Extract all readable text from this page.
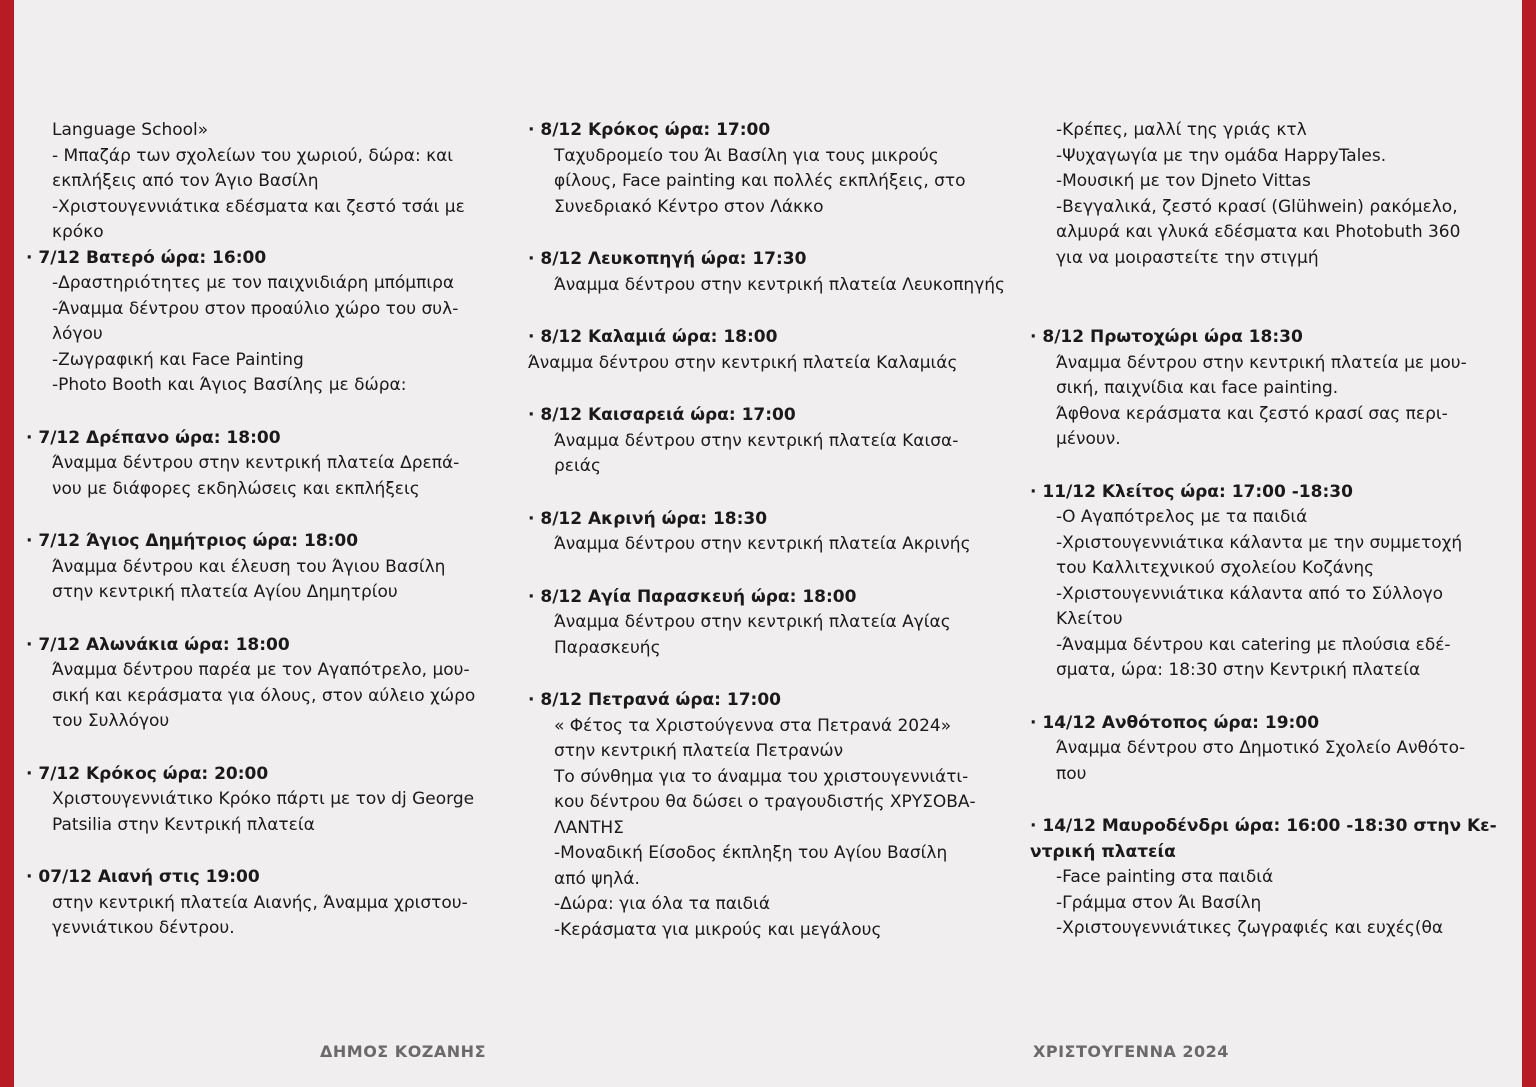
Language School»
- Μπαζάρ των σχολείων του χωριού, δώρα: και
εκπλήξεις από τον Άγιο Βασίλη
-Χριστουγεννιάτικα εδέσματα και ζεστό τσάι με
κρόκο
· 7/12 Βατερό ώρα: 16:00
-Δραστηριότητες με τον παιχνιδιάρη μπόμπιρα
-Άναμμα δέντρου στον προαύλιο χώρο του συλ-
λόγου
-Ζωγραφική και Face Painting
-Photo Booth και Άγιος Βασίλης με δώρα:
· 7/12 Δρέπανο ώρα: 18:00
Άναμμα δέντρου στην κεντρική πλατεία Δρεπά-
νου με διάφορες εκδηλώσεις και εκπλήξεις
· 7/12 Άγιος Δημήτριος ώρα: 18:00
Άναμμα δέντρου και έλευση του Άγιου Βασίλη
στην κεντρική πλατεία Αγίου Δημητρίου
· 7/12 Αλωνάκια ώρα: 18:00
Άναμμα δέντρου παρέα με τον Αγαπότρελο, μου-
σική και κεράσματα για όλους, στον αύλειο χώρο
του Συλλόγου
· 7/12 Κρόκος ώρα: 20:00
Χριστουγεννιάτικο Κρόκο πάρτι με τον dj George
Patsilia στην Κεντρική πλατεία
· 07/12 Αιανή στις 19:00
στην κεντρική πλατεία Αιανής, Άναμμα χριστου-
γεννιάτικου δέντρου.
· 8/12 Κρόκος ώρα: 17:00
Ταχυδρομείο του Άι Βασίλη για τους μικρούς
φίλους, Face painting και πολλές εκπλήξεις, στο
Συνεδριακό Κέντρο στον Λάκκο
· 8/12 Λευκοπηγή ώρα: 17:30
Άναμμα δέντρου στην κεντρική πλατεία Λευκοπηγής
· 8/12 Καλαμιά ώρα: 18:00
Άναμμα δέντρου στην κεντρική πλατεία Καλαμιάς
· 8/12 Καισαρειά ώρα: 17:00
Άναμμα δέντρου στην κεντρική πλατεία Καισα-
ρειάς
· 8/12 Ακρινή ώρα: 18:30
Άναμμα δέντρου στην κεντρική πλατεία Ακρινής
· 8/12 Αγία Παρασκευή ώρα: 18:00
Άναμμα δέντρου στην κεντρική πλατεία Αγίας
Παρασκευής
· 8/12 Πετρανά ώρα: 17:00
« Φέτος τα Χριστούγεννα στα Πετρανά 2024»
στην κεντρική πλατεία Πετρανών
Το σύνθημα για το άναμμα του χριστουγεννιάτι-
κου δέντρου θα δώσει ο τραγουδιστής ΧΡΥΣΟΒΑ-
ΛΑΝΤΗΣ
-Μοναδική Είσοδος έκπληξη του Αγίου Βασίλη
από ψηλά.
-Δώρα: για όλα τα παιδιά
-Κεράσματα για μικρούς και μεγάλους
-Κρέπες, μαλλί της γριάς κτλ
-Ψυχαγωγία με την ομάδα HappyTales.
-Μουσική με τον Djneto Vittas
-Βεγγαλικά, ζεστό κρασί (Glühwein) ρακόμελο,
αλμυρά και γλυκά εδέσματα και Photobuth 360
για να μοιραστείτε την στιγμή
· 8/12 Πρωτοχώρι ώρα 18:30
Άναμμα δέντρου στην κεντρική πλατεία με μου-
σική, παιχνίδια και face painting.
Άφθονα κεράσματα και ζεστό κρασί σας περι-
μένουν.
· 11/12 Κλείτος ώρα: 17:00 -18:30
-Ο Αγαπότρελος με τα παιδιά
-Χριστουγεννιάτικα κάλαντα με την συμμετοχή
του Καλλιτεχνικού σχολείου Κοζάνης
-Χριστουγεννιάτικα κάλαντα από το Σύλλογο
Κλείτου
-Άναμμα δέντρου και catering με πλούσια εδέ-
σματα, ώρα: 18:30 στην Κεντρική πλατεία
· 14/12 Ανθότοπος ώρα: 19:00
Άναμμα δέντρου στο Δημοτικό Σχολείο Ανθότο-
που
· 14/12 Μαυροδένδρι ώρα: 16:00 -18:30 στην Κε-
ντρική πλατεία
-Face painting στα παιδιά
-Γράμμα στον Άι Βασίλη
-Χριστουγεννιάτικες ζωγραφιές και ευχές(θα
ΔΗΜΟΣ ΚΟΖΑΝΗΣ	ΧΡΙΣΤΟΥΓΕΝΝΑ 2024
